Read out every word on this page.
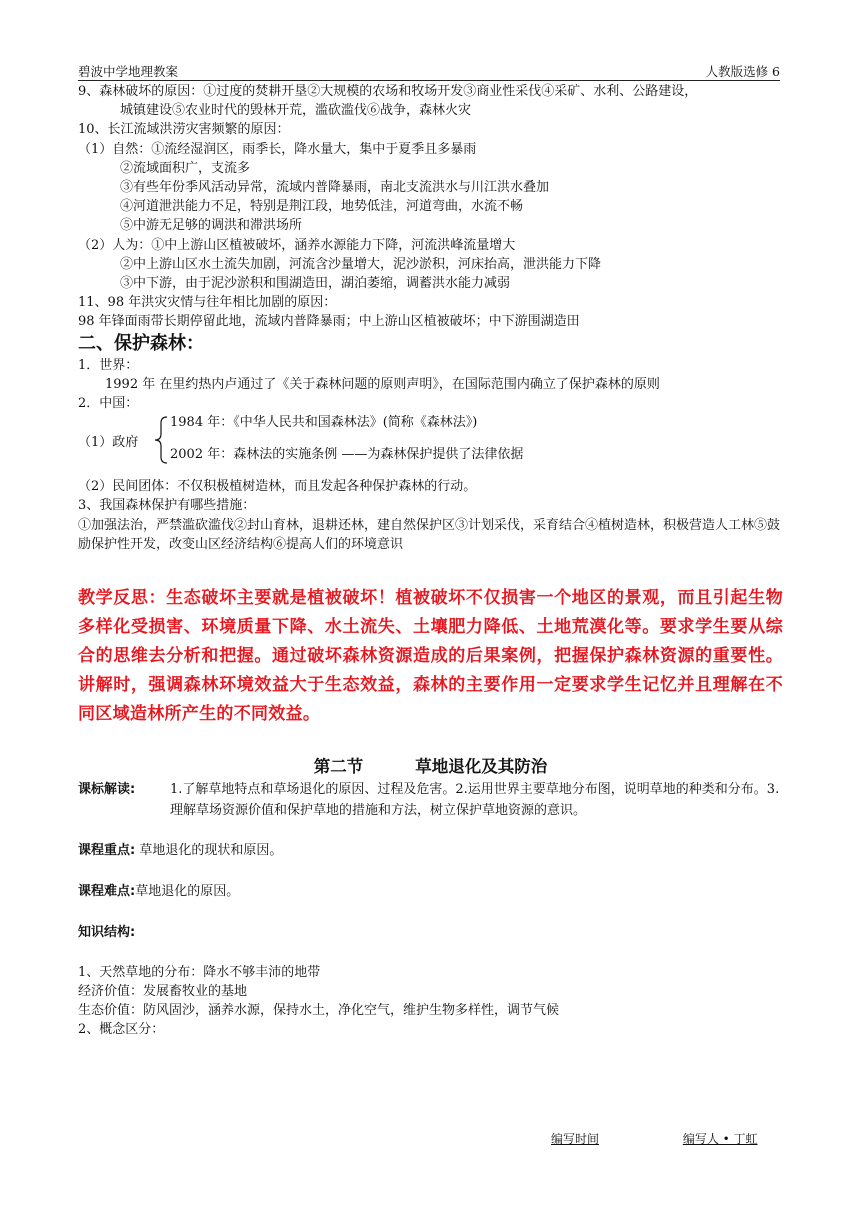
碧波中学地理教案	人教版选修 6
9、森林破坏的原因：①过度的焚耕开垦②大规模的农场和牧场开发③商业性采伐④采矿、水利、公路建设，
城镇建设⑤农业时代的毁林开荒，滥砍滥伐⑥战争，森林火灾
10、长江流域洪涝灾害频繁的原因：
（1）自然：①流经湿润区，雨季长，降水量大，集中于夏季且多暴雨
②流域面积广，支流多
③有些年份季风活动异常，流域内普降暴雨，南北支流洪水与川江洪水叠加
④河道泄洪能力不足，特别是荆江段，地势低洼，河道弯曲，水流不畅
⑤中游无足够的调洪和滞洪场所
（2）人为：①中上游山区植被破坏，涵养水源能力下降，河流洪峰流量增大
②中上游山区水土流失加剧，河流含沙量增大，泥沙淤积，河床抬高，泄洪能力下降
③中下游，由于泥沙淤积和围湖造田，湖泊萎缩，调蓄洪水能力减弱
11、98 年洪灾灾情与往年相比加剧的原因：
98 年锋面雨带长期停留此地，流域内普降暴雨；中上游山区植被破坏；中下游围湖造田
二、保护森林：
1．世界：
1992 年 在里约热内卢通过了《关于森林问题的原则声明》，在国际范围内确立了保护森林的原则
2．中国：
（1）政府
1984 年：《中华人民共和国森林法》(简称《森林法》)
2002 年：森林法的实施条例 ——为森林保护提供了法律依据
（2）民间团体：不仅积极植树造林，而且发起各种保护森林的行动。
3、我国森林保护有哪些措施：
①加强法治，严禁滥砍滥伐②封山育林，退耕还林，建自然保护区③计划采伐，采育结合④植树造林，积极营造人工林⑤鼓励保护性开发，改变山区经济结构⑥提高人们的环境意识
教学反思：生态破坏主要就是植被破坏！植被破坏不仅损害一个地区的景观，而且引起生物多样化受损害、环境质量下降、水土流失、土壤肥力降低、土地荒漠化等。要求学生要从综合的思维去分析和把握。通过破坏森林资源造成的后果案例，把握保护森林资源的重要性。讲解时，强调森林环境效益大于生态效益，森林的主要作用一定要求学生记忆并且理解在不同区域造林所产生的不同效益。
第二节	草地退化及其防治
课标解读:	1.了解草地特点和草场退化的原因、过程及危害。2.运用世界主要草地分布图，说明草地的种类和分布。3.理解草场资源价值和保护草地的措施和方法，树立保护草地资源的意识。
课程重点: 草地退化的现状和原因。
课程难点:草地退化的原因。
知识结构:
1、天然草地的分布：降水不够丰沛的地带
经济价值：发展畜牧业的基地
生态价值：防风固沙，涵养水源，保持水土，净化空气，维护生物多样性，调节气候
2、概念区分：
编写时间	编写人 • 丁虹
